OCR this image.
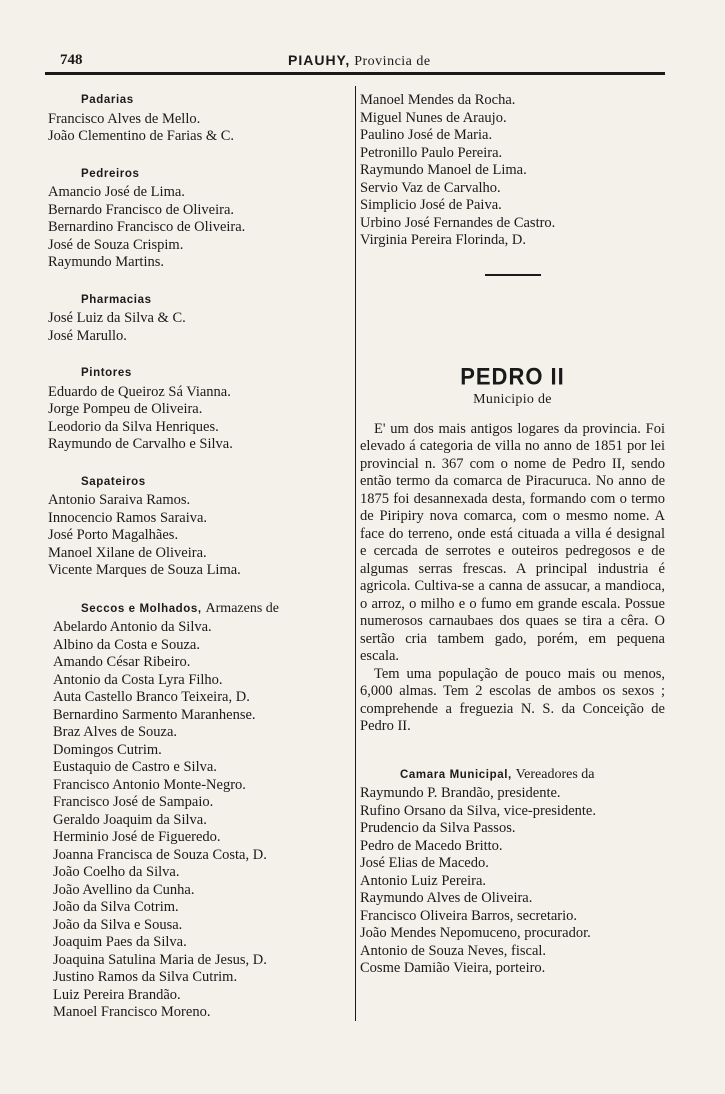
748	PIAUHY, Provincia de
Padarias
Francisco Alves de Mello.
João Clementino de Farias & C.
Pedreiros
Amancio José de Lima.
Bernardo Francisco de Oliveira.
Bernardino Francisco de Oliveira.
José de Souza Crispim.
Raymundo Martins.
Pharmacias
José Luiz da Silva & C.
José Marullo.
Pintores
Eduardo de Queiroz Sá Vianna.
Jorge Pompeu de Oliveira.
Leodorio da Silva Henriques.
Raymundo de Carvalho e Silva.
Sapateiros
Antonio Saraiva Ramos.
Innocencio Ramos Saraiva.
José Porto Magalhães.
Manoel Xilane de Oliveira.
Vicente Marques de Souza Lima.
Seccos e Molhados, Armazens de
Abelardo Antonio da Silva.
Albino da Costa e Souza.
Amando César Ribeiro.
Antonio da Costa Lyra Filho.
Auta Castello Branco Teixeira, D.
Bernardino Sarmento Maranhense.
Braz Alves de Souza.
Domingos Cutrim.
Eustaquio de Castro e Silva.
Francisco Antonio Monte-Negro.
Francisco José de Sampaio.
Geraldo Joaquim da Silva.
Herminio José de Figueredo.
Joanna Francisca de Souza Costa, D.
João Coelho da Silva.
João Avellino da Cunha.
João da Silva Cotrim.
João da Silva e Sousa.
Joaquim Paes da Silva.
Joaquina Satulina Maria de Jesus, D.
Justino Ramos da Silva Cutrim.
Luiz Pereira Brandão.
Manoel Francisco Moreno.
Manoel Mendes da Rocha.
Miguel Nunes de Araujo.
Paulino José de Maria.
Petronillo Paulo Pereira.
Raymundo Manoel de Lima.
Servio Vaz de Carvalho.
Simplicio José de Paiva.
Urbino José Fernandes de Castro.
Virginia Pereira Florinda, D.
PEDRO II
Municipio de

E' um dos mais antigos logares da provincia. Foi elevado á categoria de villa no anno de 1851 por lei provincial n. 367 com o nome de Pedro II, sendo então termo da comarca de Piracuruca. No anno de 1875 foi desannexada desta, formando com o termo de Piripiry nova comarca, com o mesmo nome. A face do terreno, onde está cituada a villa é designal e cercada de serrotes e outeiros pedregosos e de algumas serras frescas. A principal industria é agricola. Cultiva-se a canna de assucar, a mandioca, o arroz, o milho e o fumo em grande escala. Possue numerosos carnaubaes dos quaes se tira a cêra. O sertão cria tambem gado, porém, em pequena escala.

Tem uma população de pouco mais ou menos, 6,000 almas. Tem 2 escolas de ambos os sexos ; comprehende a freguezia N. S. da Conceição de Pedro II.

Camara Municipal, Vereadores da
Raymundo P. Brandão, presidente.
Rufino Orsano da Silva, vice-presidente.
Prudencio da Silva Passos.
Pedro de Macedo Britto.
José Elias de Macedo.
Antonio Luiz Pereira.
Raymundo Alves de Oliveira.
Francisco Oliveira Barros, secretario.
João Mendes Nepomuceno, procurador.
Antonio de Souza Neves, fiscal.
Cosme Damião Vieira, porteiro.
